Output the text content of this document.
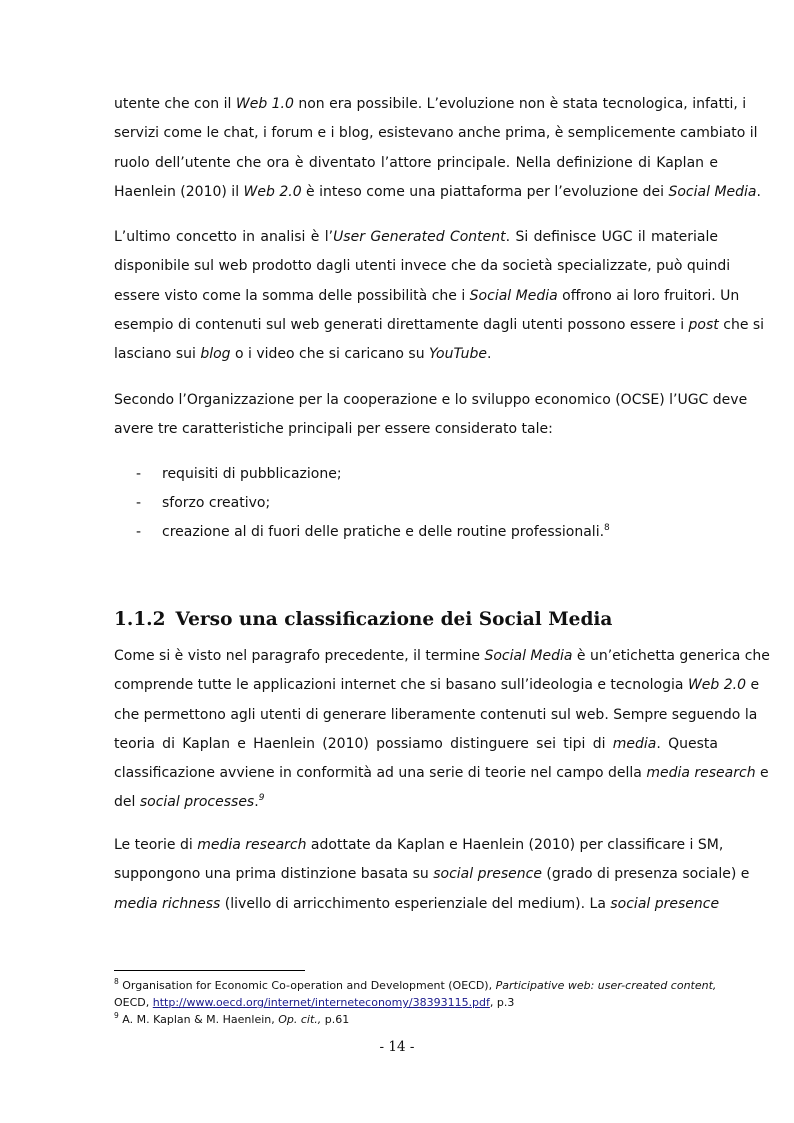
utente che con il Web 1.0 non era possibile. L’evoluzione non è stata tecnologica, infatti, i
servizi come le chat, i forum e i blog, esistevano anche prima, è semplicemente cambiato il
ruolo dell’utente che ora è diventato l’attore principale. Nella definizione di Kaplan e
Haenlein (2010) il Web 2.0 è inteso come una piattaforma per l’evoluzione dei Social Media.
L’ultimo concetto in analisi è l’User Generated Content. Si definisce UGC il materiale
disponibile sul web prodotto dagli utenti invece che da società specializzate, può quindi
essere visto come la somma delle possibilità che i Social Media offrono ai loro fruitori. Un
esempio di contenuti sul web generati direttamente dagli utenti possono essere i post che si
lasciano sui blog o i video che si caricano su YouTube.
Secondo l’Organizzazione per la cooperazione e lo sviluppo economico (OCSE) l’UGC deve
avere tre caratteristiche principali per essere considerato tale:
- requisiti di pubblicazione;
- sforzo creativo;
- creazione al di fuori delle pratiche e delle routine professionali.$^8$
1.1.2 Verso una classificazione dei Social Media
Come si è visto nel paragrafo precedente, il termine Social Media è un’etichetta generica che
comprende tutte le applicazioni internet che si basano sull’ideologia e tecnologia Web 2.0 e
che permettono agli utenti di generare liberamente contenuti sul web. Sempre seguendo la
teoria di Kaplan e Haenlein (2010) possiamo distinguere sei tipi di media. Questa
classificazione avviene in conformità ad una serie di teorie nel campo della media research e
del social processes.$^9$
Le teorie di media research adottate da Kaplan e Haenlein (2010) per classificare i SM,
suppongono una prima distinzione basata su social presence (grado di presenza sociale) e
media richness (livello di arricchimento esperienziale del medium). La social presence
$^8$ Organisation for Economic Co-operation and Development (OECD), Participative web: user-created content,
OECD, http://www.oecd.org/internet/interneteconomy/38393115.pdf, p.3
$^9$ A. M. Kaplan & M. Haenlein, Op. cit., p.61
- 14 -
